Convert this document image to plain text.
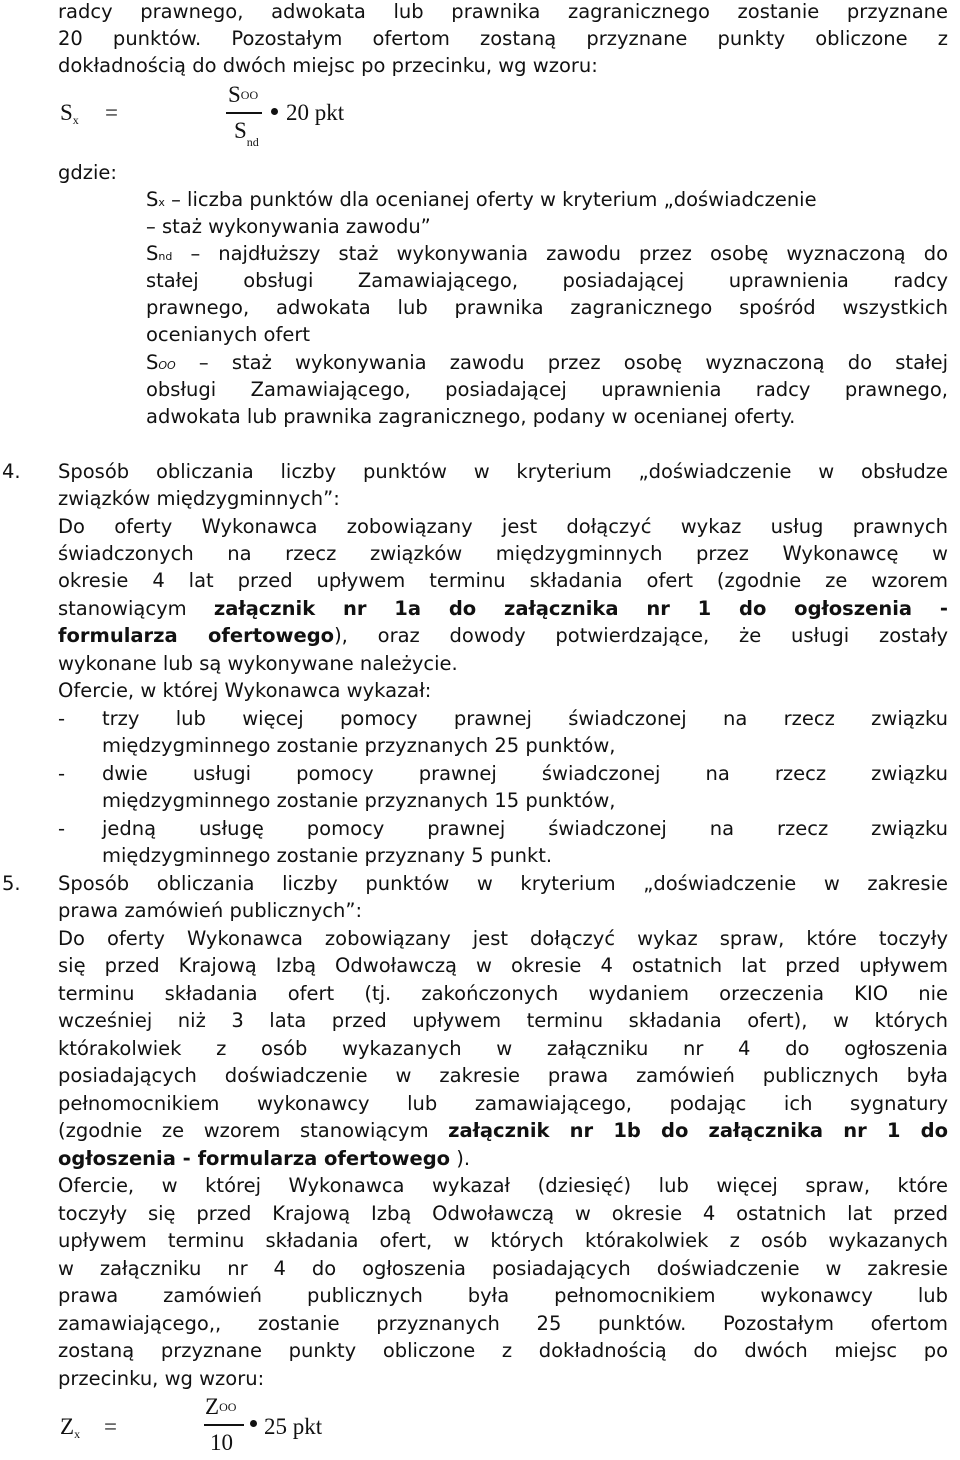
radcy prawnego, adwokata lub prawnika zagranicznego zostanie przyznane
20 punktów. Pozostałym ofertom zostaną przyznane punkty obliczone z
dokładnością do dwóch miejsc po przecinku, wg wzoru:
Sx =
SOO
$S_{nd}$
20 pkt
gdzie:
Sx – liczba punktów dla ocenianej oferty w kryterium „doświadczenie
– staż wykonywania zawodu”
Snd – najdłuższy staż wykonywania zawodu przez osobę wyznaczoną do
stałej obsługi Zamawiającego, posiadającej uprawnienia radcy
prawnego, adwokata lub prawnika zagranicznego spośród wszystkich
ocenianych ofert
SOO – staż wykonywania zawodu przez osobę wyznaczoną do stałej
obsługi Zamawiającego, posiadającej uprawnienia radcy prawnego,
adwokata lub prawnika zagranicznego, podany w ocenianej oferty.
4. Sposób obliczania liczby punktów w kryterium „doświadczenie w obsłudze
związków międzygminnych”:
Do oferty Wykonawca zobowiązany jest dołączyć wykaz usług prawnych
świadczonych na rzecz związków międzygminnych przez Wykonawcę w
okresie 4 lat przed upływem terminu składania ofert (zgodnie ze wzorem
stanowiącym załącznik nr 1a do załącznika nr 1 do ogłoszenia -
formularza ofertowego), oraz dowody potwierdzające, że usługi zostały
wykonane lub są wykonywane należycie.
Ofercie, w której Wykonawca wykazał:
- trzy lub więcej pomocy prawnej świadczonej na rzecz związku
międzygminnego zostanie przyznanych 25 punktów,
- dwie usługi pomocy prawnej świadczonej na rzecz związku
międzygminnego zostanie przyznanych 15 punktów,
- jedną usługę pomocy prawnej świadczonej na rzecz związku
międzygminnego zostanie przyznany 5 punkt.
5. Sposób obliczania liczby punktów w kryterium „doświadczenie w zakresie
prawa zamówień publicznych”:
Do oferty Wykonawca zobowiązany jest dołączyć wykaz spraw, które toczyły
się przed Krajową Izbą Odwoławczą w okresie 4 ostatnich lat przed upływem
terminu składania ofert (tj. zakończonych wydaniem orzeczenia KIO nie
wcześniej niż 3 lata przed upływem terminu składania ofert), w których
którakolwiek z osób wykazanych w załączniku nr 4 do ogłoszenia
posiadających doświadczenie w zakresie prawa zamówień publicznych była
pełnomocnikiem wykonawcy lub zamawiającego, podając ich sygnatury
(zgodnie ze wzorem stanowiącym załącznik nr 1b do załącznika nr 1 do
ogłoszenia - formularza ofertowego ).
Ofercie, w której Wykonawca wykazał (dziesięć) lub więcej spraw, które
toczyły się przed Krajową Izbą Odwoławczą w okresie 4 ostatnich lat przed
upływem terminu składania ofert, w których którakolwiek z osób wykazanych
w załączniku nr 4 do ogłoszenia posiadających doświadczenie w zakresie
prawa zamówień publicznych była pełnomocnikiem wykonawcy lub
zamawiającego,, zostanie przyznanych 25 punktów. Pozostałym ofertom
zostaną przyznane punkty obliczone z dokładnością do dwóch miejsc po
przecinku, wg wzoru:
Zx =
ZOO
10
25 pkt
